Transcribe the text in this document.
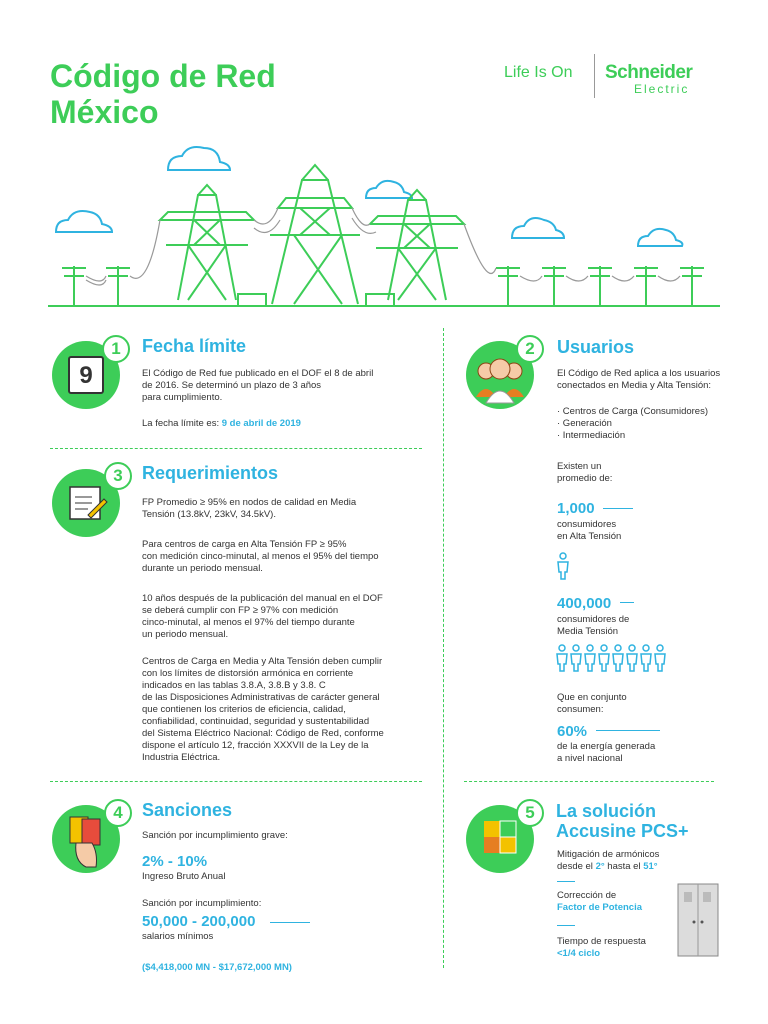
Código de Red
México
Life Is On Schneider
Electric
9
1	Fecha límite
El Código de Red fue publicado en el DOF el 8 de abril
de 2016. Se determinó un plazo de 3 años
para cumplimiento.
La fecha límite es: 9 de abril de 2019
3	Requerimientos
FP Promedio ≥ 95% en nodos de calidad en Media
Tensión (13.8kV, 23kV, 34.5kV).
Para centros de carga en Alta Tensión FP ≥ 95%
con medición cinco-minutal, al menos el 95% del tiempo
durante un periodo mensual.
10 años después de la publicación del manual en el DOF
se deberá cumplir con FP ≥ 97% con medición
cinco-minutal, al menos el 97% del tiempo durante
un periodo mensual.
Centros de Carga en Media y Alta Tensión deben cumplir
con los límites de distorsión armónica en corriente
indicados en las tablas 3.8.A, 3.8.B y 3.8. C
de las Disposiciones Administrativas de carácter general
que contienen los criterios de eficiencia, calidad,
confiabilidad, continuidad, seguridad y sustentabilidad
del Sistema Eléctrico Nacional: Código de Red, conforme
dispone el artículo 12, fracción XXXVII de la Ley de la
Industria Eléctrica.
4	Sanciones
Sanción por incumplimiento grave:
2% - 10%
Ingreso Bruto Anual
Sanción por incumplimiento:
50,000 - 200,000
salarios mínimos
($4,418,000 MN - $17,672,000 MN)
2	Usuarios
El Código de Red aplica a los usuarios
conectados en Media y Alta Tensión:
· Centros de Carga (Consumidores)
· Generación
· Intermediación
Existen un
promedio de:
1,000
consumidores
en Alta Tensión
400,000
consumidores de
Media Tensión
Que en conjunto
consumen:
60%
de la energía generada
a nivel nacional
5	La solución
Accusine PCS+
Mitigación de armónicos
desde el 2° hasta el 51°
Corrección de
Factor de Potencia
Tiempo de respuesta
<1/4 ciclo
